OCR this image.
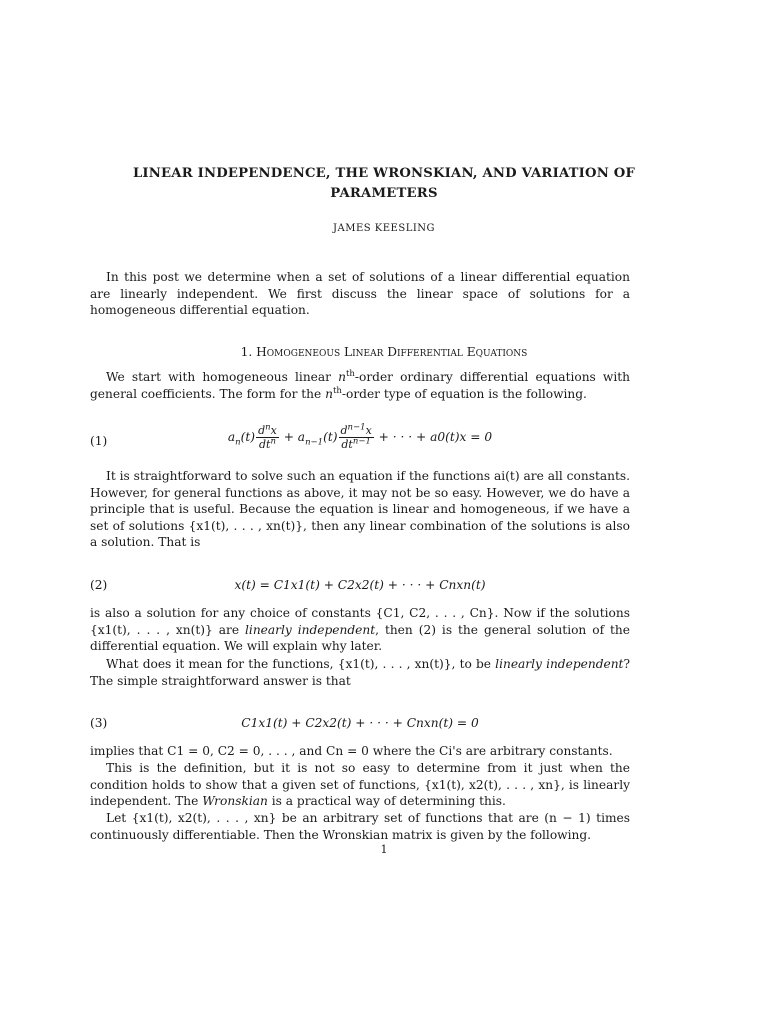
LINEAR INDEPENDENCE, THE WRONSKIAN, AND VARIATION OF
PARAMETERS
JAMES KEESLING
In this post we determine when a set of solutions of a linear differential equation are linearly independent. We first discuss the linear space of solutions for a homogeneous differential equation.
1. Homogeneous Linear Differential Equations
We start with homogeneous linear $n^{th}$-order ordinary differential equations with general coefficients. The form for the $n^{th}$-order type of equation is the following.
(1)	$a_n(t) \frac{d^nx}{dt^n} + a_{n-1}(t) \frac{d^{n-1}x}{dt^{n-1}}$ + · · · + a0(t)x = 0
It is straightforward to solve such an equation if the functions ai(t) are all constants. However, for general functions as above, it may not be so easy. However, we do have a principle that is useful. Because the equation is linear and homogeneous, if we have a set of solutions {x1(t), . . . , xn(t)}, then any linear combination of the solutions is also a solution. That is
(2)	x(t) = C1x1(t) + C2x2(t) + · · · + Cnxn(t)
is also a solution for any choice of constants {C1, C2, . . . , Cn}. Now if the solutions {x1(t), . . . , xn(t)} are linearly independent, then (2) is the general solution of the differential equation. We will explain why later.
What does it mean for the functions, {x1(t), . . . , xn(t)}, to be linearly independent? The simple straightforward answer is that
(3)	C1x1(t) + C2x2(t) + · · · + Cnxn(t) = 0
implies that C1 = 0, C2 = 0, . . . , and Cn = 0 where the Ci's are arbitrary constants.
This is the definition, but it is not so easy to determine from it just when the condition holds to show that a given set of functions, {x1(t), x2(t), . . . , xn}, is linearly independent. The Wronskian is a practical way of determining this.
Let {x1(t), x2(t), . . . , xn} be an arbitrary set of functions that are (n − 1) times continuously differentiable. Then the Wronskian matrix is given by the following.
1
